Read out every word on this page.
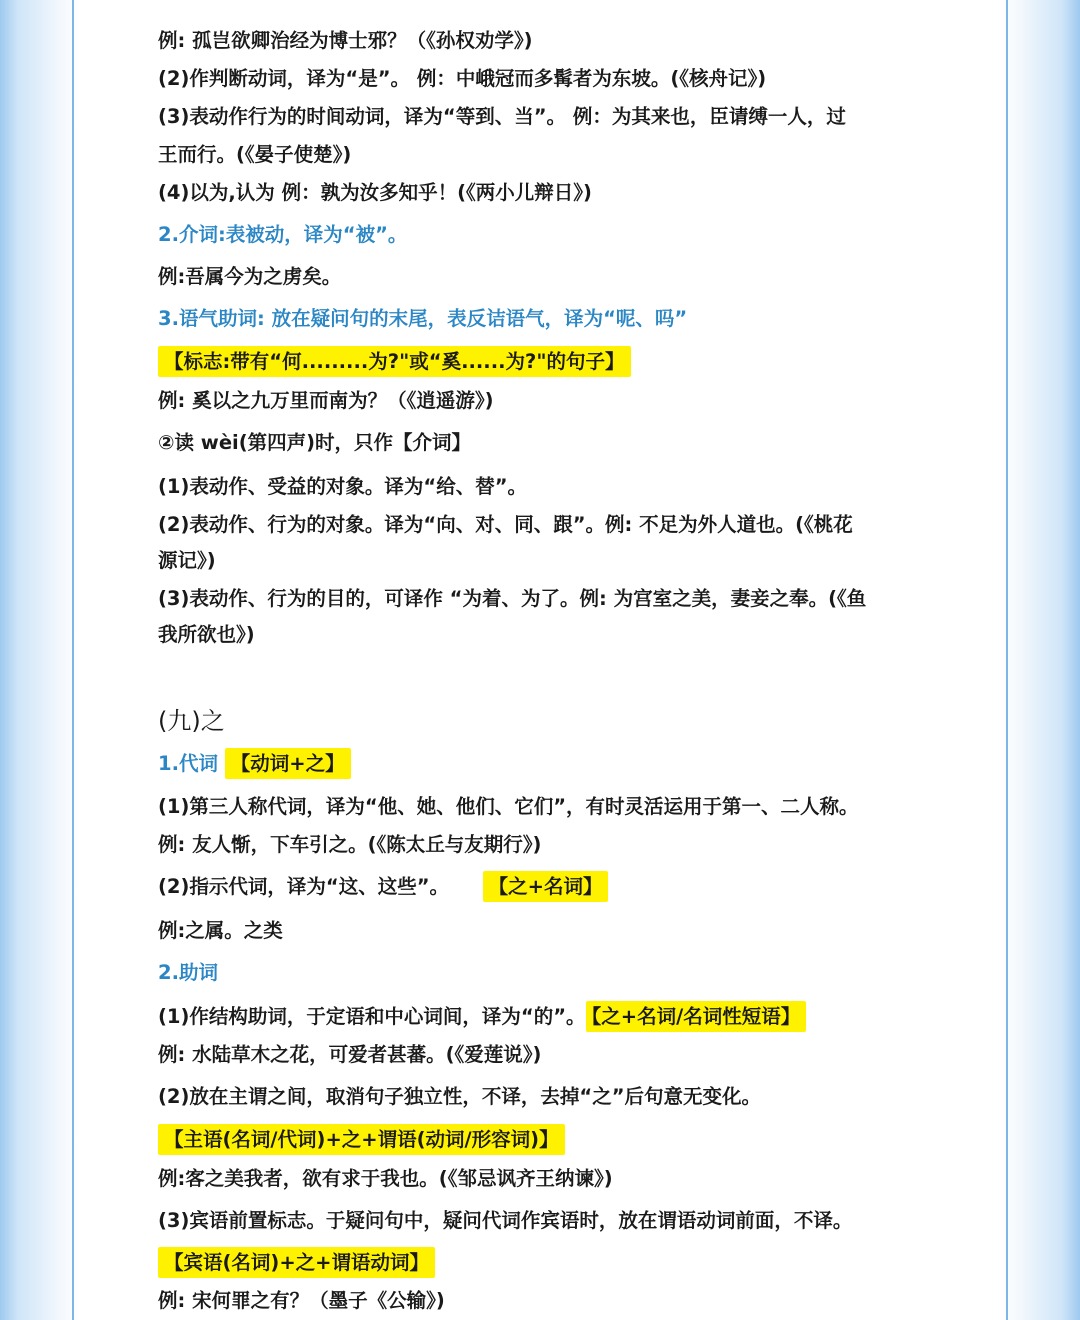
例: 孤岂欲卿治经为博士邪？（《孙权劝学》)
(2)作判断动词，译为“是”。 例：中峨冠而多髯者为东坡。(《核舟记》)
(3)表动作行为的时间动词，译为“等到、当”。 例：为其来也，臣请缚一人，过
王而行。(《晏子使楚》)
(4)以为,认为 例：孰为汝多知乎！(《两小儿辩日》)
2.介词:表被动，译为“被”。
例:吾属今为之虏矣。
3.语气助词: 放在疑问句的末尾，表反诘语气，译为“呢、吗”
【标志:带有“何.........为?"或“奚......为?"的句子】
例: 奚以之九万里而南为？（《逍遥游》)
②读 wèi(第四声)时，只作【介词】
(1)表动作、受益的对象。译为“给、替”。
(2)表动作、行为的对象。译为“向、对、同、跟”。例: 不足为外人道也。(《桃花
源记》)
(3)表动作、行为的目的，可译作 “为着、为了。例: 为宫室之美，妻妾之奉。(《鱼
我所欲也》)
(九)之
1.代词 【动词+之】
(1)第三人称代词，译为“他、她、他们、它们”，有时灵活运用于第一、二人称。
例: 友人惭，下车引之。(《陈太丘与友期行》)
(2)指示代词，译为“这、这些”。 【之+名词】
例:之属。之类
2.助词
(1)作结构助词，于定语和中心词间，译为“的”。 【之+名词/名词性短语】
例: 水陆草木之花，可爱者甚蕃。(《爱莲说》)
(2)放在主谓之间，取消句子独立性，不译，去掉“之”后句意无变化。
【主语(名词/代词)+之+谓语(动词/形容词)】
例:客之美我者，欲有求于我也。(《邹忌讽齐王纳谏》)
(3)宾语前置标志。于疑问句中，疑问代词作宾语时，放在谓语动词前面，不译。
【宾语(名词)+之+谓语动词】
例: 宋何罪之有？（墨子《公输》)
